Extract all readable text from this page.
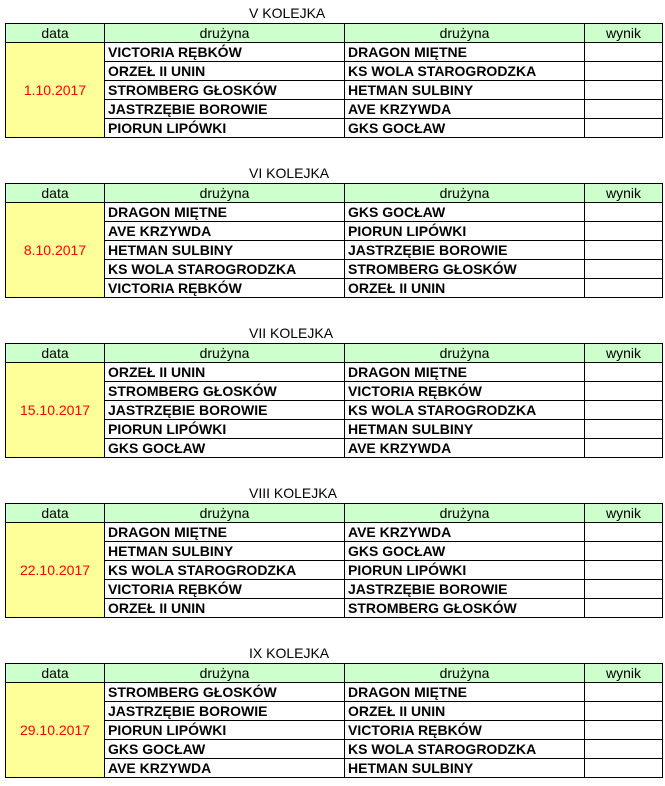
V KOLEJKA
data	drużyna	drużyna	wynik
1.10.2017	VICTORIA RĘBKÓW	DRAGON MIĘTNE	
	ORZEŁ II UNIN	KS WOLA STAROGRODZKA	
	STROMBERG GŁOSKÓW	HETMAN SULBINY	
	JASTRZĘBIE BOROWIE	AVE KRZYWDA	
	PIORUN LIPÓWKI	GKS GOCŁAW	
VI KOLEJKA
data	drużyna	drużyna	wynik
8.10.2017	DRAGON MIĘTNE	GKS GOCŁAW	
	AVE KRZYWDA	PIORUN LIPÓWKI	
	HETMAN SULBINY	JASTRZĘBIE BOROWIE	
	KS WOLA STAROGRODZKA	STROMBERG GŁOSKÓW	
	VICTORIA RĘBKÓW	ORZEŁ II UNIN	
VII KOLEJKA
data	drużyna	drużyna	wynik
15.10.2017	ORZEŁ II UNIN	DRAGON MIĘTNE	
	STROMBERG GŁOSKÓW	VICTORIA RĘBKÓW	
	JASTRZĘBIE BOROWIE	KS WOLA STAROGRODZKA	
	PIORUN LIPÓWKI	HETMAN SULBINY	
	GKS GOCŁAW	AVE KRZYWDA	
VIII KOLEJKA
data	drużyna	drużyna	wynik
22.10.2017	DRAGON MIĘTNE	AVE KRZYWDA	
	HETMAN SULBINY	GKS GOCŁAW	
	KS WOLA STAROGRODZKA	PIORUN LIPÓWKI	
	VICTORIA RĘBKÓW	JASTRZĘBIE BOROWIE	
	ORZEŁ II UNIN	STROMBERG GŁOSKÓW	
IX KOLEJKA
data	drużyna	drużyna	wynik
29.10.2017	STROMBERG GŁOSKÓW	DRAGON MIĘTNE	
	JASTRZĘBIE BOROWIE	ORZEŁ II UNIN	
	PIORUN LIPÓWKI	VICTORIA RĘBKÓW	
	GKS GOCŁAW	KS WOLA STAROGRODZKA	
	AVE KRZYWDA	HETMAN SULBINY	
